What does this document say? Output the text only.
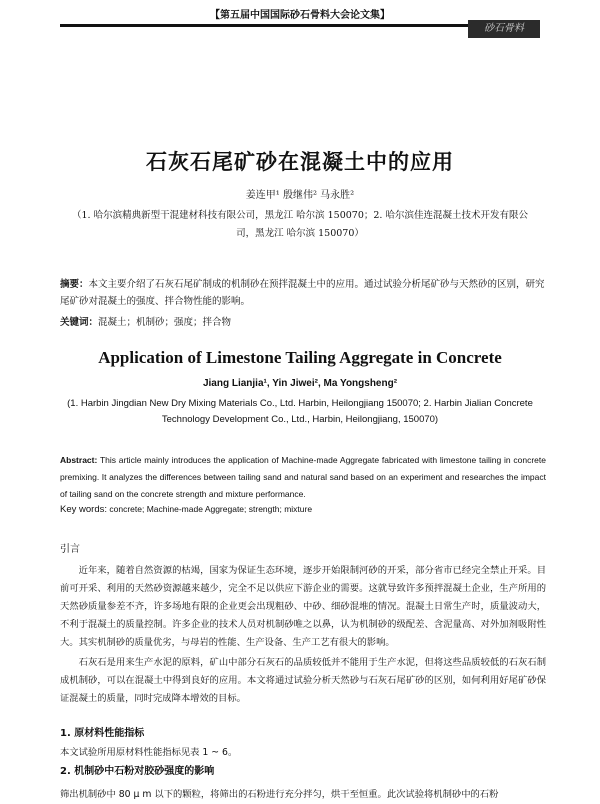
【第五届中国国际砂石骨料大会论文集】
砂石骨料
石灰石尾矿砂在混凝土中的应用
姜连甲¹ 殷继伟² 马永胜²
（1. 哈尔滨精典新型干混建材科技有限公司，黑龙江 哈尔滨 150070；2. 哈尔滨佳连混凝土技术开发有限公司，黑龙江 哈尔滨 150070）
摘要：本文主要介绍了石灰石尾矿制成的机制砂在预拌混凝土中的应用。通过试验分析尾矿砂与天然砂的区别，研究尾矿砂对混凝土的强度、拌合物性能的影响。
关键词：混凝土；机制砂；强度；拌合物
Application of Limestone Tailing Aggregate in Concrete
Jiang Lianjia¹, Yin Jiwei², Ma Yongsheng²
(1. Harbin Jingdian New Dry Mixing Materials Co., Ltd. Harbin, Heilongjiang 150070; 2. Harbin Jialian Concrete Technology Development Co., Ltd., Harbin, Heilongjiang, 150070)
Abstract: This article mainly introduces the application of Machine-made Aggregate fabricated with limestone tailing in concrete premixing. It analyzes the differences between tailing sand and natural sand based on an experiment and researches the impact of tailing sand on the concrete strength and mixture performance.
Key words: concrete; Machine-made Aggregate; strength; mixture
引言

近年来，随着自然资源的枯竭，国家为保证生态环境，逐步开始限制河砂的开采，部分省市已经完全禁止开采。目前可开采、利用的天然砂资源越来越少，完全不足以供应下游企业的需要。这就导致许多预拌混凝土企业，生产所用的天然砂质量参差不齐，许多场地有限的企业更会出现粗砂、中砂、细砂混堆的情况。混凝土日常生产时，质量波动大，不利于混凝土的质量控制。许多企业的技术人员对机制砂唯之以鼻，认为机制砂的级配差、含泥量高、对外加剂吸附性大。其实机制砂的质量优劣，与母岩的性能、生产设备、生产工艺有很大的影响。

石灰石是用来生产水泥的原料，矿山中部分石灰石的品质较低并不能用于生产水泥，但将这些品质较低的石灰石制成机制砂，可以在混凝土中得到良好的应用。本文将通过试验分析天然砂与石灰石尾矿砂的区别，如何利用好尾矿砂保证混凝土的质量，同时完成降本增效的目标。

1. 原材料性能指标

本文试验所用原材料性能指标见表 1 ~ 6。

2. 机制砂中石粉对胶砂强度的影响

筛出机制砂中 80 μ m 以下的颗粒，将筛出的石粉进行充分拌匀，烘干至恒重。此次试验将机制砂中的石粉
